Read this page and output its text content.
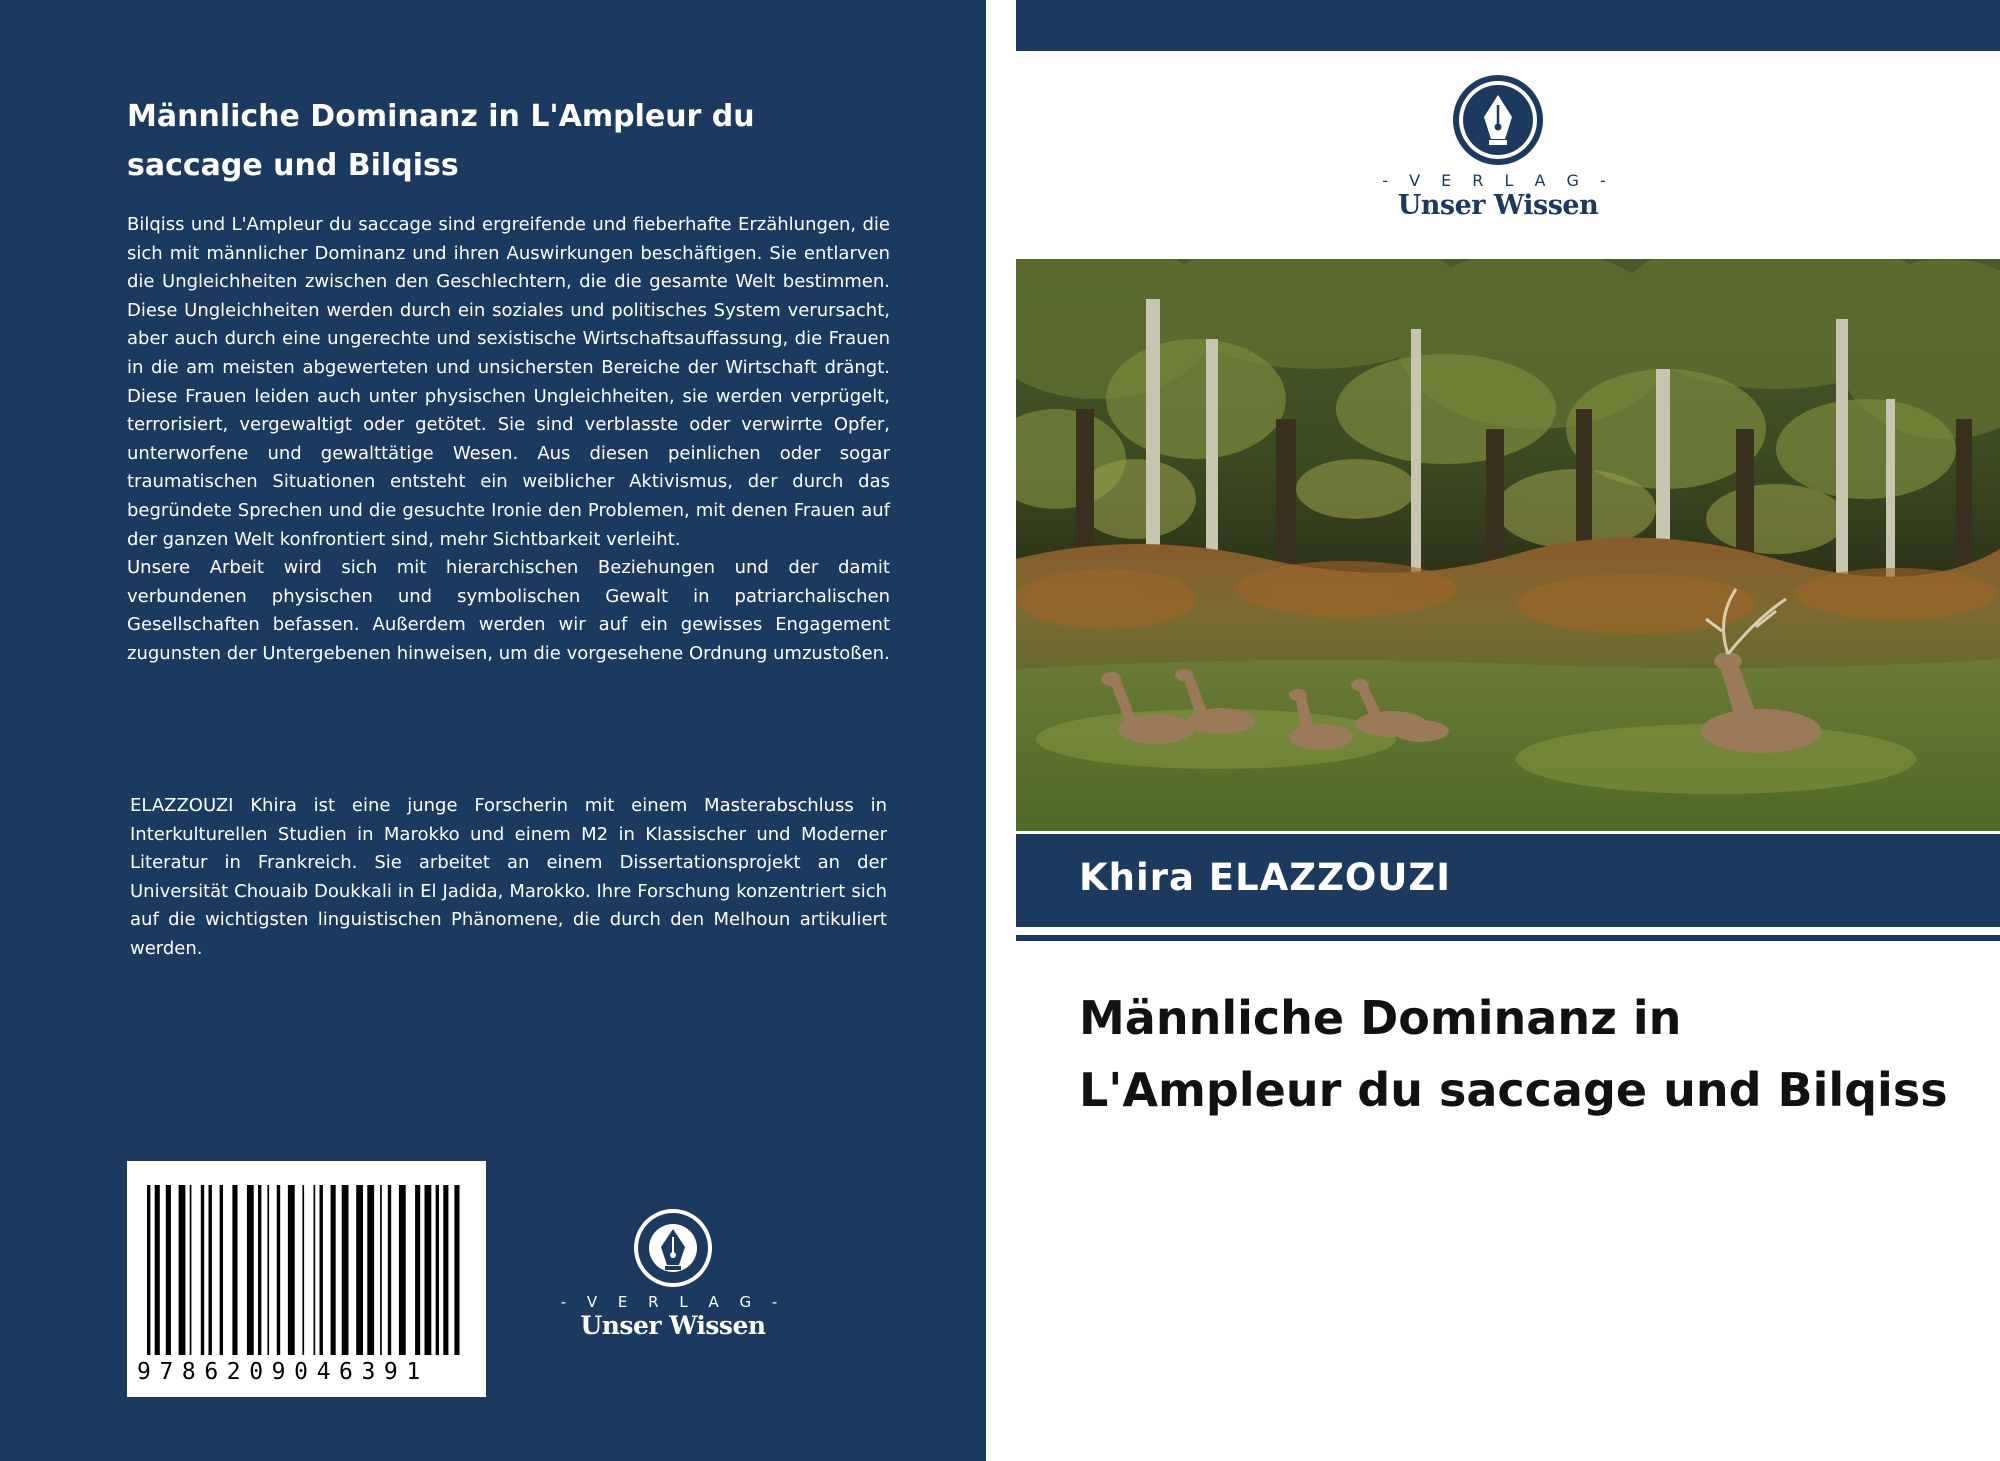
Männliche Dominanz in L'Ampleur du saccage und Bilqiss

Bilqiss und L'Ampleur du saccage sind ergreifende und fieberhafte Erzählungen, die sich mit männlicher Dominanz und ihren Auswirkungen beschäftigen. Sie entlarven die Ungleichheiten zwischen den Geschlechtern, die die gesamte Welt bestimmen. Diese Ungleichheiten werden durch ein soziales und politisches System verursacht, aber auch durch eine ungerechte und sexistische Wirtschaftsauffassung, die Frauen in die am meisten abgewerteten und unsichersten Bereiche der Wirtschaft drängt. Diese Frauen leiden auch unter physischen Ungleichheiten, sie werden verprügelt, terrorisiert, vergewaltigt oder getötet. Sie sind verblasste oder verwirrte Opfer, unterworfene und gewalttätige Wesen. Aus diesen peinlichen oder sogar traumatischen Situationen entsteht ein weiblicher Aktivismus, der durch das begründete Sprechen und die gesuchte Ironie den Problemen, mit denen Frauen auf der ganzen Welt konfrontiert sind, mehr Sichtbarkeit verleiht.

Unsere Arbeit wird sich mit hierarchischen Beziehungen und der damit verbundenen physischen und symbolischen Gewalt in patriarchalischen Gesellschaften befassen. Außerdem werden wir auf ein gewisses Engagement zugunsten der Untergebenen hinweisen, um die vorgesehene Ordnung umzustoßen.

ELAZZOUZI Khira ist eine junge Forscherin mit einem Masterabschluss in Interkulturellen Studien in Marokko und einem M2 in Klassischer und Moderner Literatur in Frankreich. Sie arbeitet an einem Dissertationsprojekt an der Universität Chouaib Doukkali in El Jadida, Marokko. Ihre Forschung konzentriert sich auf die wichtigsten linguistischen Phänomene, die durch den Melhoun artikuliert werden.

9786209046391
- V E R L A G -
Unser Wissen
- V E R L A G -
Unser Wissen
Khira ELAZZOUZI
Männliche Dominanz in L'Ampleur du saccage und Bilqiss
